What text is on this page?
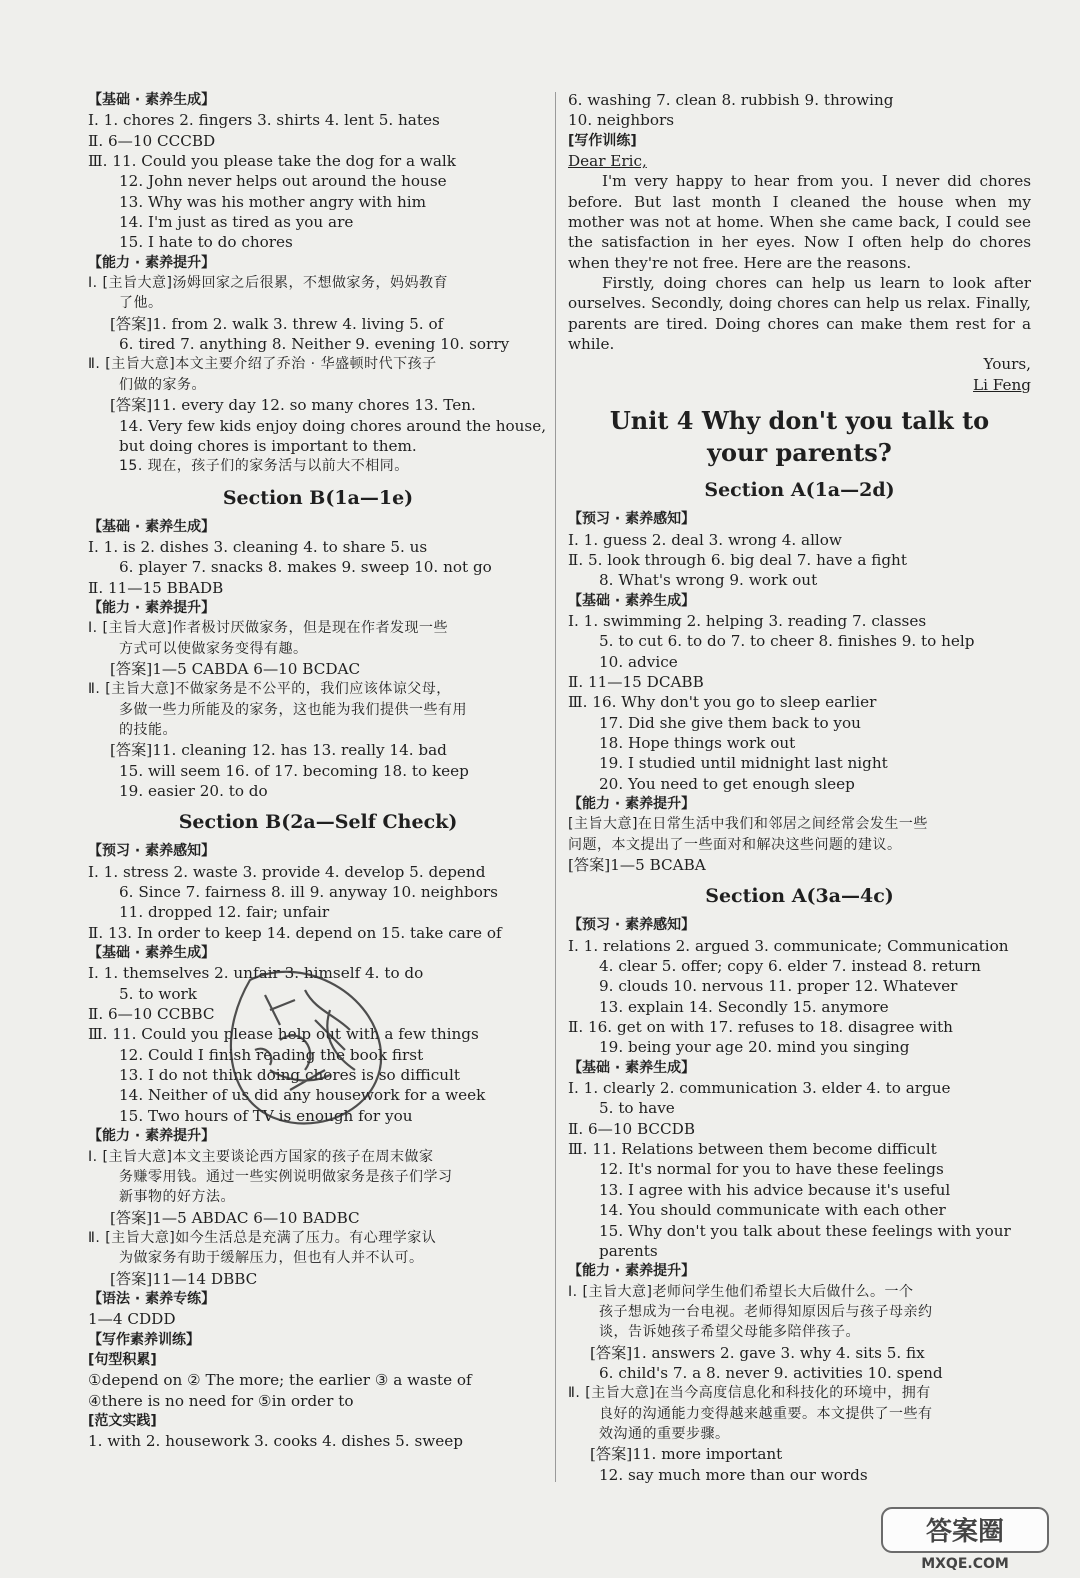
【基础 · 素养生成】
Ⅰ. 1. chores 2. fingers 3. shirts 4. lent 5. hates
Ⅱ. 6—10 CCCBD
Ⅲ. 11. Could you please take the dog for a walk
12. John never helps out around the house
13. Why was his mother angry with him
14. I'm just as tired as you are
15. I hate to do chores
【能力 · 素养提升】
Ⅰ. [主旨大意]汤姆回家之后很累，不想做家务，妈妈教育
了他。
[答案]1. from 2. walk 3. threw 4. living 5. of
6. tired 7. anything 8. Neither 9. evening 10. sorry
Ⅱ. [主旨大意]本文主要介绍了乔治 · 华盛顿时代下孩子
们做的家务。
[答案]11. every day 12. so many chores 13. Ten.
14. Very few kids enjoy doing chores around the house,
but doing chores is important to them.
15. 现在，孩子们的家务活与以前大不相同。
Section B(1a—1e)
【基础 · 素养生成】
Ⅰ. 1. is 2. dishes 3. cleaning 4. to share 5. us
6. player 7. snacks 8. makes 9. sweep 10. not go
Ⅱ. 11—15 BBADB
【能力 · 素养提升】
Ⅰ. [主旨大意]作者极讨厌做家务，但是现在作者发现一些
方式可以使做家务变得有趣。
[答案]1—5 CABDA 6—10 BCDAC
Ⅱ. [主旨大意]不做家务是不公平的，我们应该体谅父母，
多做一些力所能及的家务，这也能为我们提供一些有用
的技能。
[答案]11. cleaning 12. has 13. really 14. bad
15. will seem 16. of 17. becoming 18. to keep
19. easier 20. to do
Section B(2a—Self Check)
【预习 · 素养感知】
Ⅰ. 1. stress 2. waste 3. provide 4. develop 5. depend
6. Since 7. fairness 8. ill 9. anyway 10. neighbors
11. dropped 12. fair; unfair
Ⅱ. 13. In order to keep 14. depend on 15. take care of
【基础 · 素养生成】
Ⅰ. 1. themselves 2. unfair 3. himself 4. to do
5. to work
Ⅱ. 6—10 CCBBC
Ⅲ. 11. Could you please help out with a few things
12. Could I finish reading the book first
13. I do not think doing chores is so difficult
14. Neither of us did any housework for a week
15. Two hours of TV is enough for you
【能力 · 素养提升】
Ⅰ. [主旨大意]本文主要谈论西方国家的孩子在周末做家
务赚零用钱。通过一些实例说明做家务是孩子们学习
新事物的好方法。
[答案]1—5 ABDAC 6—10 BADBC
Ⅱ. [主旨大意]如今生活总是充满了压力。有心理学家认
为做家务有助于缓解压力，但也有人并不认可。
[答案]11—14 DBBC
【语法 · 素养专练】
1—4 CDDD
【写作素养训练】
[句型积累]
①depend on ② The more; the earlier ③ a waste of
④there is no need for ⑤in order to
[范文实践]
1. with 2. housework 3. cooks 4. dishes 5. sweep
6. washing 7. clean 8. rubbish 9. throwing
10. neighbors
[写作训练]
Dear Eric,
I'm very happy to hear from you. I never did chores before. But last month I cleaned the house when my mother was not at home. When she came back, I could see the satisfaction in her eyes. Now I often help do chores when they're not free. Here are the reasons.
Firstly, doing chores can help us learn to look after ourselves. Secondly, doing chores can help us relax. Finally, parents are tired. Doing chores can make them rest for a while.
Yours,
Li Feng
Unit 4 Why don't you talk to
your parents?
Section A(1a—2d)
【预习 · 素养感知】
Ⅰ. 1. guess 2. deal 3. wrong 4. allow
Ⅱ. 5. look through 6. big deal 7. have a fight
8. What's wrong 9. work out
【基础 · 素养生成】
Ⅰ. 1. swimming 2. helping 3. reading 7. classes
5. to cut 6. to do 7. to cheer 8. finishes 9. to help
10. advice
Ⅱ. 11—15 DCABB
Ⅲ. 16. Why don't you go to sleep earlier
17. Did she give them back to you
18. Hope things work out
19. I studied until midnight last night
20. You need to get enough sleep
【能力 · 素养提升】
[主旨大意]在日常生活中我们和邻居之间经常会发生一些
问题，本文提出了一些面对和解决这些问题的建议。
[答案]1—5 BCABA
Section A(3a—4c)
【预习 · 素养感知】
Ⅰ. 1. relations 2. argued 3. communicate; Communication
4. clear 5. offer; copy 6. elder 7. instead 8. return
9. clouds 10. nervous 11. proper 12. Whatever
13. explain 14. Secondly 15. anymore
Ⅱ. 16. get on with 17. refuses to 18. disagree with
19. being your age 20. mind you singing
【基础 · 素养生成】
Ⅰ. 1. clearly 2. communication 3. elder 4. to argue
5. to have
Ⅱ. 6—10 BCCDB
Ⅲ. 11. Relations between them become difficult
12. It's normal for you to have these feelings
13. I agree with his advice because it's useful
14. You should communicate with each other
15. Why don't you talk about these feelings with your
parents
【能力 · 素养提升】
Ⅰ. [主旨大意]老师问学生他们希望长大后做什么。一个
孩子想成为一台电视。老师得知原因后与孩子母亲约
谈，告诉她孩子希望父母能多陪伴孩子。
[答案]1. answers 2. gave 3. why 4. sits 5. fix
6. child's 7. a 8. never 9. activities 10. spend
Ⅱ. [主旨大意]在当今高度信息化和科技化的环境中，拥有
良好的沟通能力变得越来越重要。本文提供了一些有
效沟通的重要步骤。
[答案]11. more important
12. say much more than our words
答案圈
MXQE.COM
